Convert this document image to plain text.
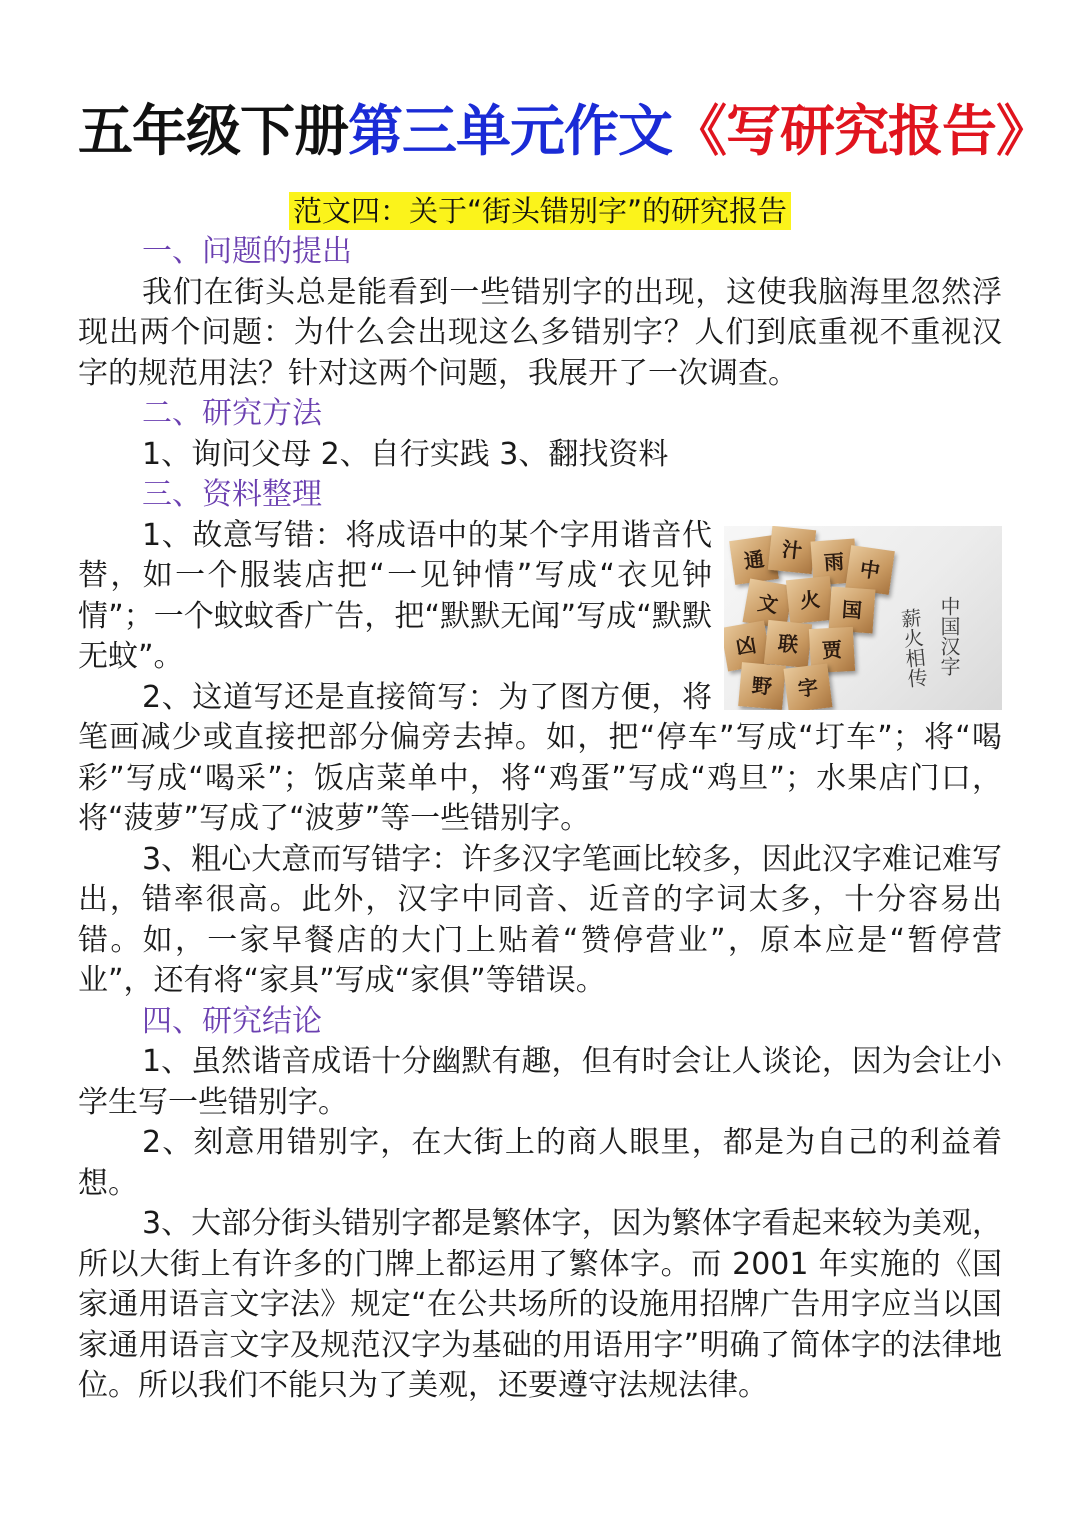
五年级下册第三单元作文《写研究报告》
范文四：关于“街头错别字”的研究报告

一、问题的提出

我们在街头总是能看到一些错别字的出现，这使我脑海里忽然浮现出两个问题：为什么会出现这么多错别字？人们到底重视不重视汉字的规范用法？针对这两个问题，我展开了一次调查。

二、研究方法

1、询问父母 2、自行实践 3、翻找资料

三、资料整理

通 汁 雨 中
文 火 国
凶 联	贾
野	字
中国汉字
薪火相传

1、故意写错：将成语中的某个字用谐音代替，如一个服装店把“一见钟情”写成“衣见钟情”；一个蚊蚊香广告，把“默默无闻”写成“默默无蚊”。

2、这道写还是直接简写：为了图方便，将笔画减少或直接把部分偏旁去掉。如，把“停车”写成“圢车”；将“喝彩”写成“喝采”；饭店菜单中，将“鸡蛋”写成“鸡旦”；水果店门口，将“菠萝”写成了“波萝”等一些错别字。

3、粗心大意而写错字：许多汉字笔画比较多，因此汉字难记难写出，错率很高。此外，汉字中同音、近音的字词太多，十分容易出错。如，一家早餐店的大门上贴着“赞停营业”，原本应是“暂停营业”，还有将“家具”写成“家俱”等错误。

四、研究结论

1、虽然谐音成语十分幽默有趣，但有时会让人谈论，因为会让小学生写一些错别字。

2、刻意用错别字，在大街上的商人眼里，都是为自己的利益着想。

3、大部分街头错别字都是繁体字，因为繁体字看起来较为美观，所以大街上有许多的门牌上都运用了繁体字。而 2001 年实施的《国家通用语言文字法》规定“在公共场所的设施用招牌广告用字应当以国家通用语言文字及规范汉字为基础的用语用字”明确了简体字的法律地位。所以我们不能只为了美观，还要遵守法规法律。
